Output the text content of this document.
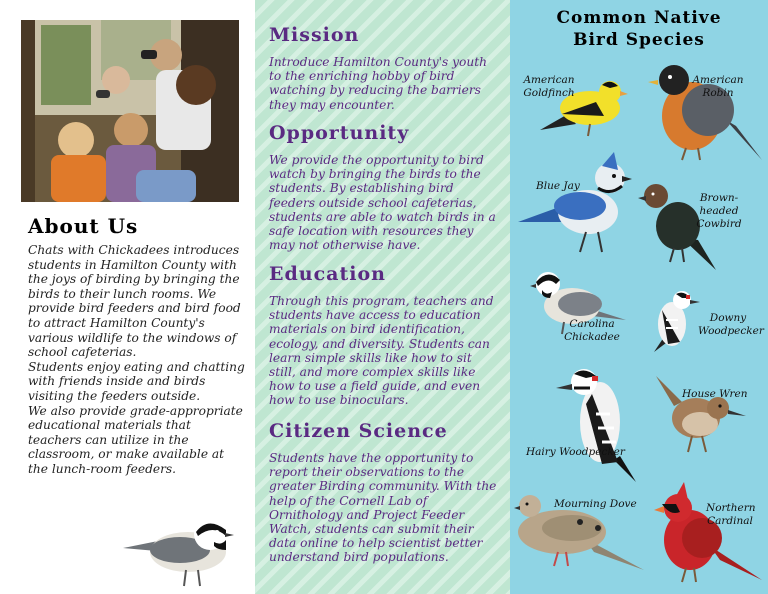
About Us

Chats with Chickadees introduces students in Hamilton County with the joys of birding by bringing the birds to their lunch rooms. We provide bird feeders and bird food to attract Hamilton County's various wildlife to the windows of school cafeterias.

Students enjoy eating and chatting with friends inside and birds visiting the feeders outside.

We also provide grade-appropriate educational materials that teachers can utilize in the classroom, or make available at the lunch-room feeders.

Mission

Introduce Hamilton County's youth to the enriching hobby of bird watching by reducing the barriers they may encounter.

Opportunity

We provide the opportunity to bird watch by bringing the birds to the students. By establishing bird feeders outside school cafeterias, students are able to watch birds in a safe location with resources they may not otherwise have.

Education

Through this program, teachers and students have access to education materials on bird identification, ecology, and diversity. Students can learn simple skills like how to sit still, and more complex skills like how to use a field guide, and even how to use binoculars.

Citizen Science

Students have the opportunity to report their observations to the greater Birding community. With the help of the Cornell Lab of Ornithology and Project Feeder Watch, students can submit their data online to help scientist better understand bird populations.

Common Native
Bird Species
American
Goldfinch
American
Robin
Blue Jay
Brown-headed
Cowbird
Carolina
Chickadee
Downy
Woodpecker
House Wren
Hairy Woodpecker
Mourning Dove	Northern
Cardinal
